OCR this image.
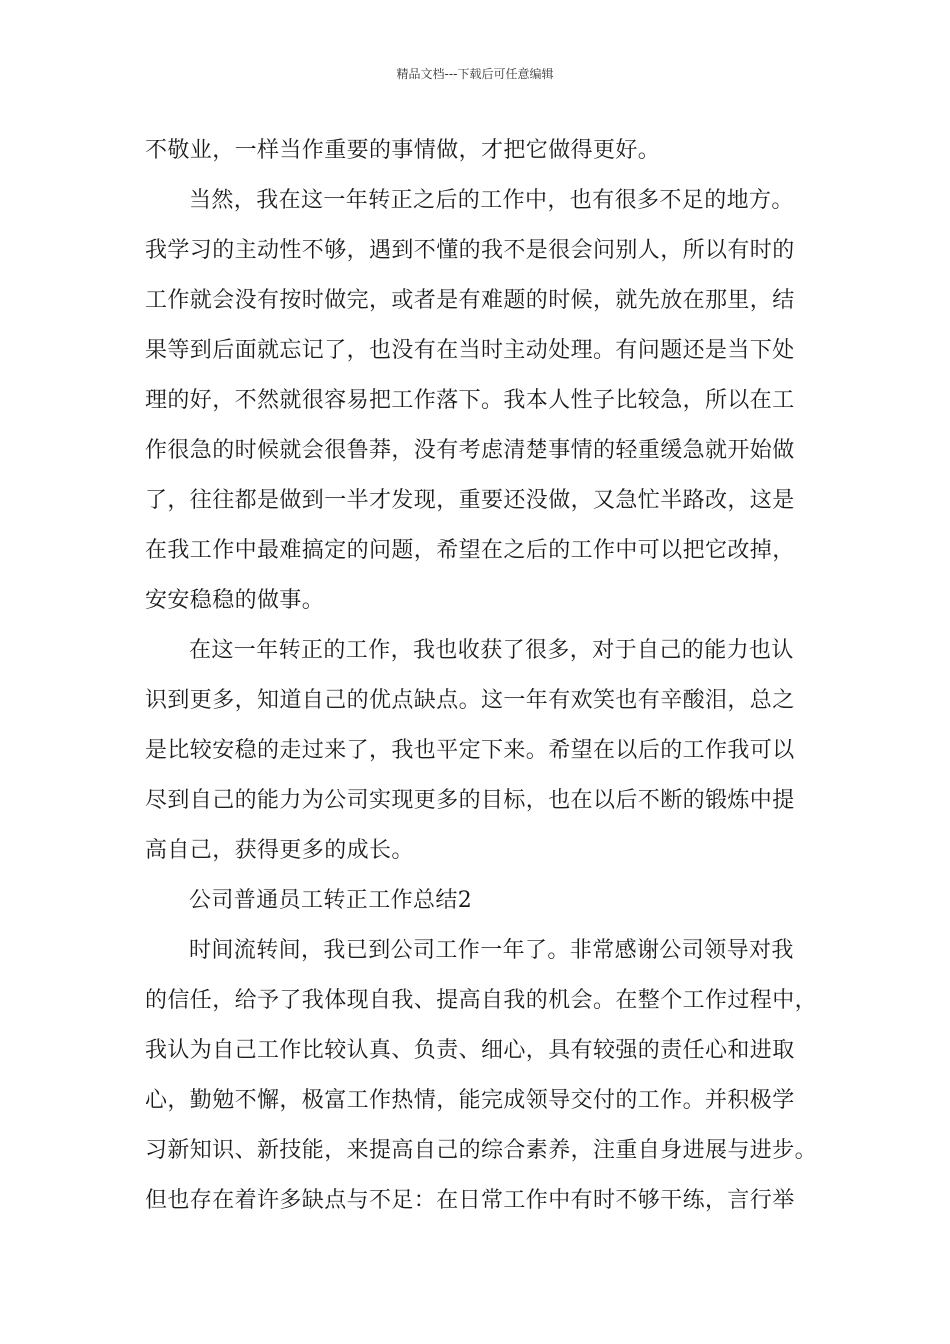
精品文档---下载后可任意编辑
不敬业，一样当作重要的事情做，才把它做得更好。
当然，我在这一年转正之后的工作中，也有很多不足的地方。
我学习的主动性不够，遇到不懂的我不是很会问别人，所以有时的
工作就会没有按时做完，或者是有难题的时候，就先放在那里，结
果等到后面就忘记了，也没有在当时主动处理。有问题还是当下处
理的好，不然就很容易把工作落下。我本人性子比较急，所以在工
作很急的时候就会很鲁莽，没有考虑清楚事情的轻重缓急就开始做
了，往往都是做到一半才发现，重要还没做，又急忙半路改，这是
在我工作中最难搞定的问题，希望在之后的工作中可以把它改掉，
安安稳稳的做事。
在这一年转正的工作，我也收获了很多，对于自己的能力也认
识到更多，知道自己的优点缺点。这一年有欢笑也有辛酸泪，总之
是比较安稳的走过来了，我也平定下来。希望在以后的工作我可以
尽到自己的能力为公司实现更多的目标，也在以后不断的锻炼中提
高自己，获得更多的成长。
公司普通员工转正工作总结2
时间流转间，我已到公司工作一年了。非常感谢公司领导对我
的信任，给予了我体现自我、提高自我的机会。在整个工作过程中，
我认为自己工作比较认真、负责、细心，具有较强的责任心和进取
心，勤勉不懈，极富工作热情，能完成领导交付的工作。并积极学
习新知识、新技能，来提高自己的综合素养，注重自身进展与进步。
但也存在着许多缺点与不足：在日常工作中有时不够干练，言行举
